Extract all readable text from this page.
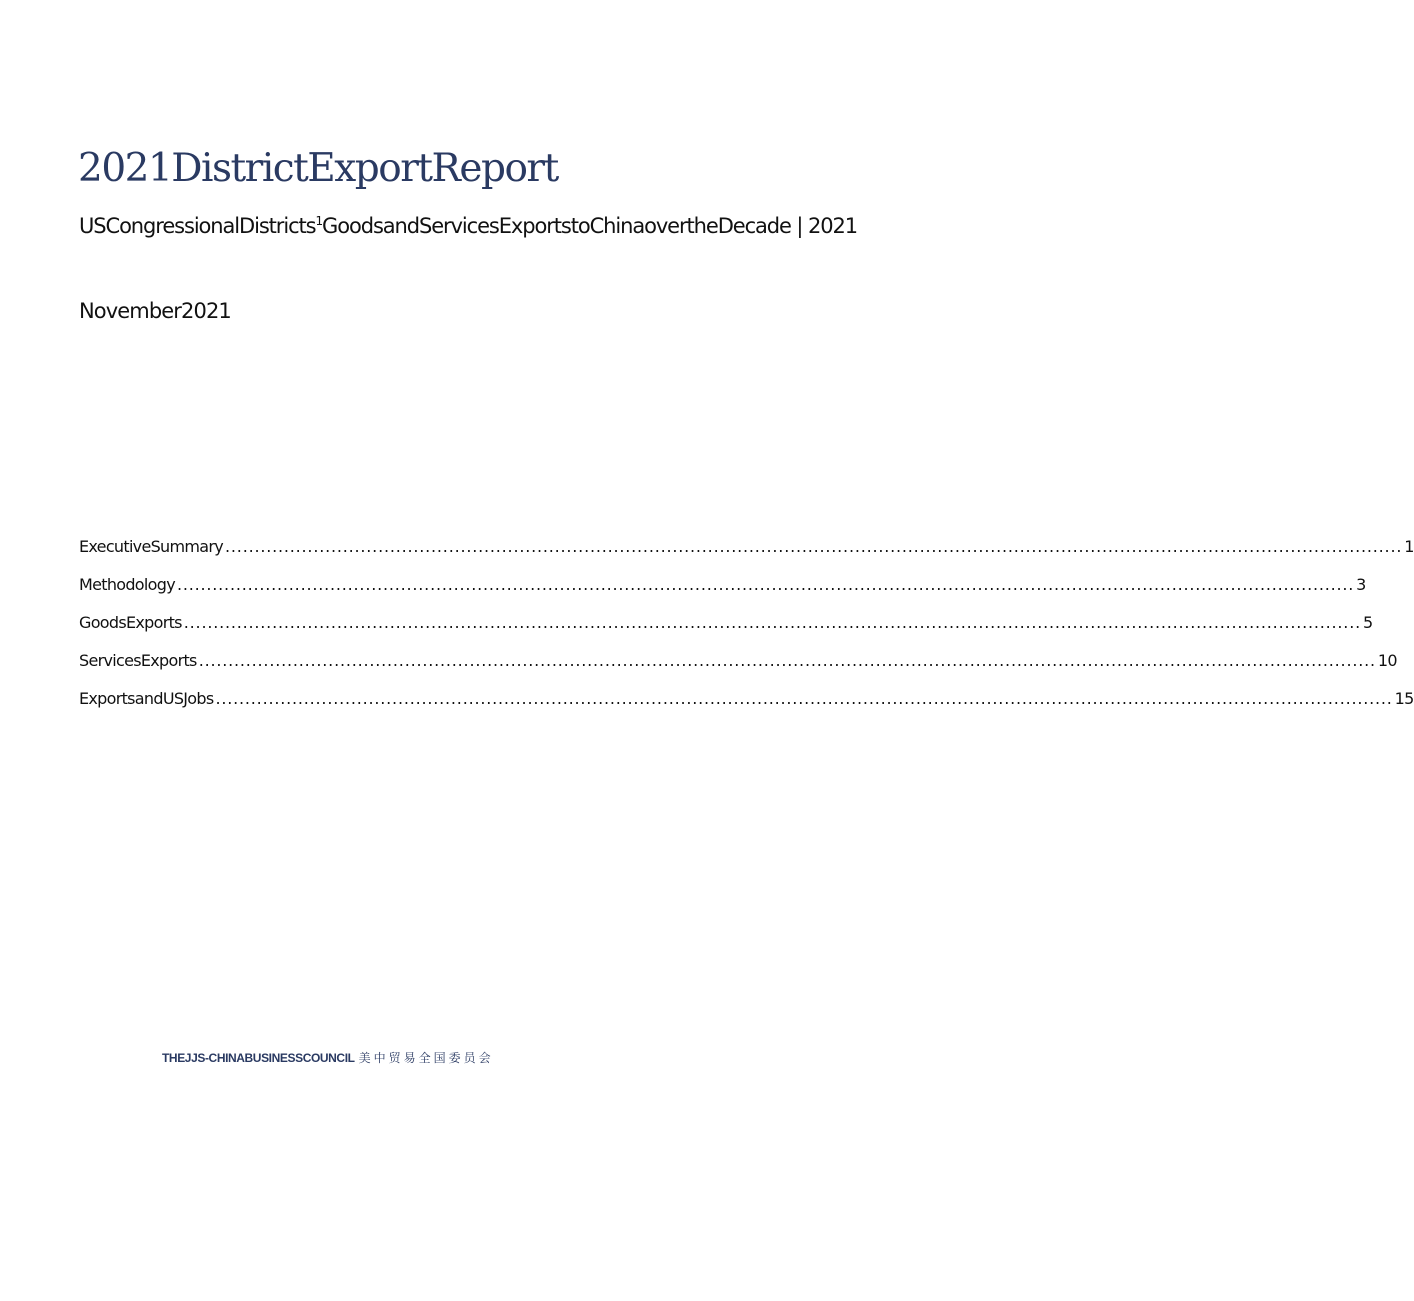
2021DistrictExportReport

USCongressionalDistricts$^1$GoodsandServicesExportstoChinaovertheDecade | 2021

November2021

ExecutiveSummary ........................................................................................................................................................................................................ 1
Methodology ........................................................................................................................................................................................................ 3
GoodsExports ........................................................................................................................................................................................................ 5
ServicesExports ........................................................................................................................................................................................................ 10
ExportsandUSJobs ........................................................................................................................................................................................................ 15
THEJJS-CHINABUSINESSCOUNCIL 美中贸易全国委员会
